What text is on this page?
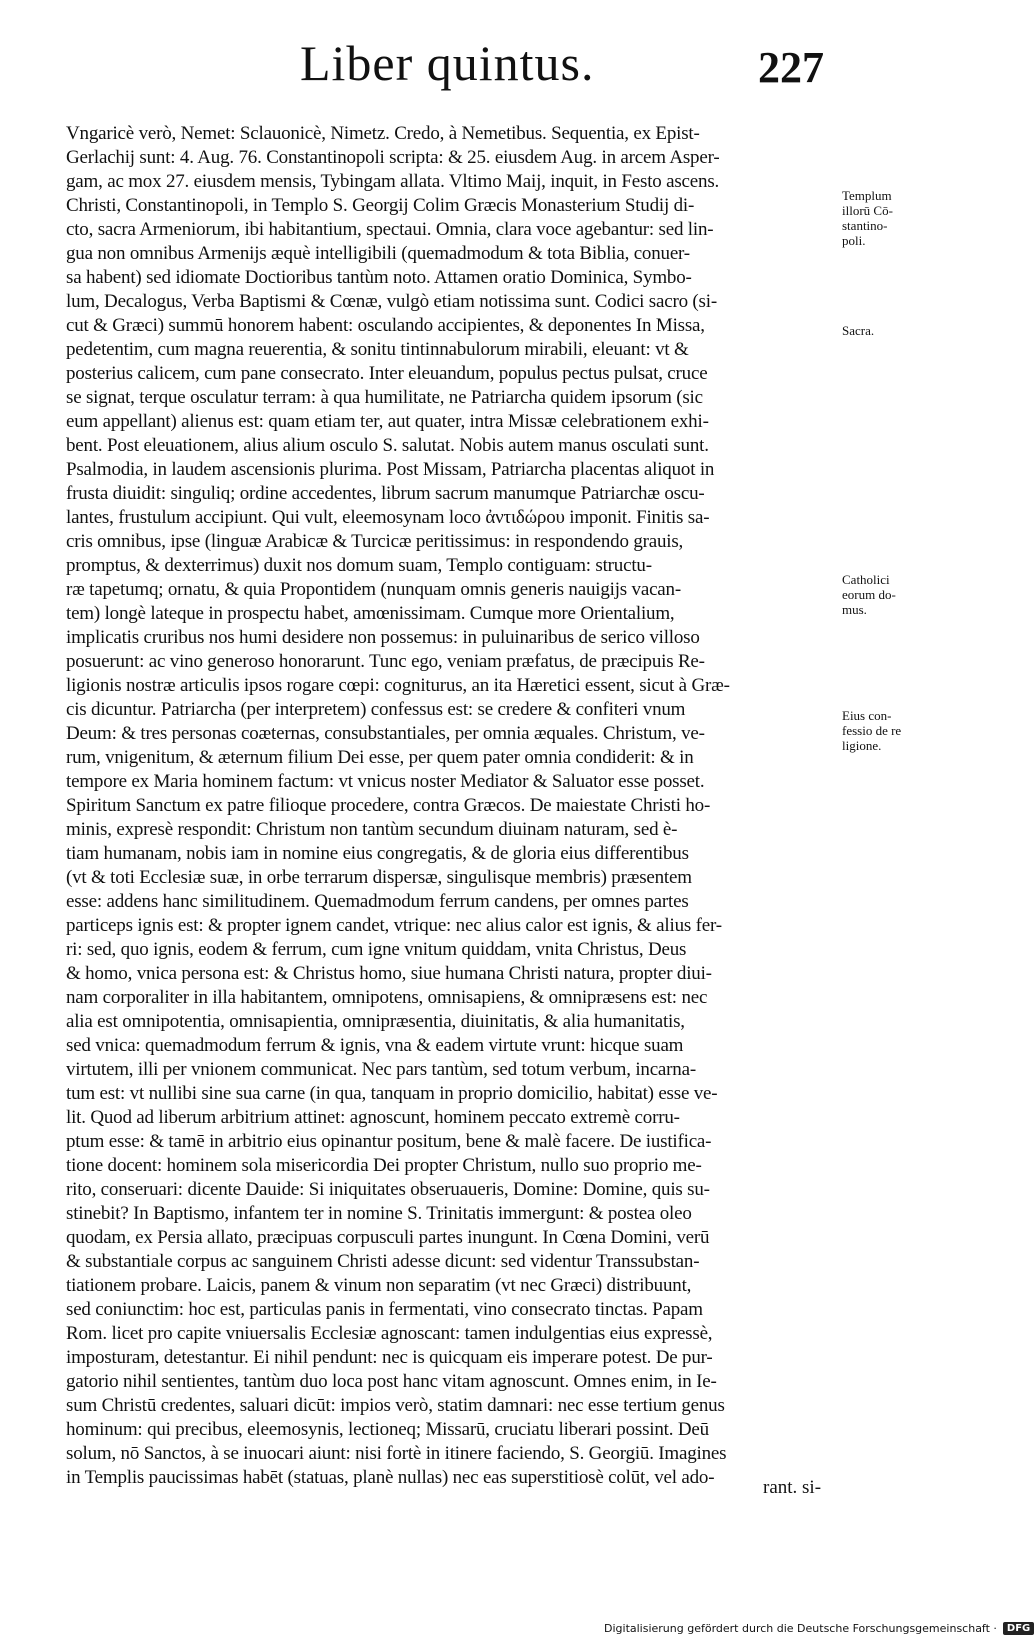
Liber quintus.	227
Vngaricè verò, Nemet: Sclauonicè, Nimetz. Credo, à Nemetibus. Sequentia, ex Epist-
Gerlachij sunt: 4. Aug. 76. Constantinopoli scripta: & 25. eiusdem Aug. in arcem Asper-
gam, ac mox 27. eiusdem mensis, Tybingam allata. Vltimo Maij, inquit, in Festo ascens.
Christi, Constantinopoli, in Templo S. Georgij Colim Græcis Monasterium Studij di-
cto, sacra Armeniorum, ibi habitantium, spectaui. Omnia, clara voce agebantur: sed lin-
gua non omnibus Armenijs æquè intelligibili (quemadmodum & tota Biblia, conuer-
sa habent) sed idiomate Doctioribus tantùm noto. Attamen oratio Dominica, Symbo-
lum, Decalogus, Verba Baptismi & Cœnæ, vulgò etiam notissima sunt. Codici sacro (si-
cut & Græci) summū honorem habent: osculando accipientes, & deponentes In Missa,
pedetentim, cum magna reuerentia, & sonitu tintinnabulorum mirabili, eleuant: vt &
posterius calicem, cum pane consecrato. Inter eleuandum, populus pectus pulsat, cruce
se signat, terque osculatur terram: à qua humilitate, ne Patriarcha quidem ipsorum (sic
eum appellant) alienus est: quam etiam ter, aut quater, intra Missæ celebrationem exhi-
bent. Post eleuationem, alius alium osculo S. salutat. Nobis autem manus osculati sunt.
Psalmodia, in laudem ascensionis plurima. Post Missam, Patriarcha placentas aliquot in
frusta diuidit: singuliq; ordine accedentes, librum sacrum manumque Patriarchæ oscu-
lantes, frustulum accipiunt. Qui vult, eleemosynam loco ἀντιδώρου imponit. Finitis sa-
cris omnibus, ipse (linguæ Arabicæ & Turcicæ peritissimus: in respondendo grauis,
promptus, & dexterrimus) duxit nos domum suam, Templo contiguam: structu-
ræ tapetumq; ornatu, & quia Propontidem (nunquam omnis generis nauigijs vacan-
tem) longè lateque in prospectu habet, amœnissimam. Cumque more Orientalium,
implicatis cruribus nos humi desidere non possemus: in puluinaribus de serico villoso
posuerunt: ac vino generoso honorarunt. Tunc ego, veniam præfatus, de præcipuis Re-
ligionis nostræ articulis ipsos rogare cœpi: cogniturus, an ita Hæretici essent, sicut à Græ-
cis dicuntur. Patriarcha (per interpretem) confessus est: se credere & confiteri vnum
Deum: & tres personas coæternas, consubstantiales, per omnia æquales. Christum, ve-
rum, vnigenitum, & æternum filium Dei esse, per quem pater omnia condiderit: & in
tempore ex Maria hominem factum: vt vnicus noster Mediator & Saluator esse posset.
Spiritum Sanctum ex patre filioque procedere, contra Græcos. De maiestate Christi ho-
minis, expresè respondit: Christum non tantùm secundum diuinam naturam, sed è-
tiam humanam, nobis iam in nomine eius congregatis, & de gloria eius differentibus
(vt & toti Ecclesiæ suæ, in orbe terrarum dispersæ, singulisque membris) præsentem
esse: addens hanc similitudinem. Quemadmodum ferrum candens, per omnes partes
particeps ignis est: & propter ignem candet, vtrique: nec alius calor est ignis, & alius fer-
ri: sed, quo ignis, eodem & ferrum, cum igne vnitum quiddam, vnita Christus, Deus
& homo, vnica persona est: & Christus homo, siue humana Christi natura, propter diui-
nam corporaliter in illa habitantem, omnipotens, omnisapiens, & omnipræsens est: nec
alia est omnipotentia, omnisapientia, omnipræsentia, diuinitatis, & alia humanitatis,
sed vnica: quemadmodum ferrum & ignis, vna & eadem virtute vrunt: hicque suam
virtutem, illi per vnionem communicat. Nec pars tantùm, sed totum verbum, incarna-
tum est: vt nullibi sine sua carne (in qua, tanquam in proprio domicilio, habitat) esse ve-
lit. Quod ad liberum arbitrium attinet: agnoscunt, hominem peccato extremè corru-
ptum esse: & tamē in arbitrio eius opinantur positum, bene & malè facere. De iustifica-
tione docent: hominem sola misericordia Dei propter Christum, nullo suo proprio me-
rito, conseruari: dicente Dauide: Si iniquitates obseruaueris, Domine: Domine, quis su-
stinebit? In Baptismo, infantem ter in nomine S. Trinitatis immergunt: & postea oleo
quodam, ex Persia allato, præcipuas corpusculi partes inungunt. In Cœna Domini, verū
& substantiale corpus ac sanguinem Christi adesse dicunt: sed videntur Transsubstan-
tiationem probare. Laicis, panem & vinum non separatim (vt nec Græci) distribuunt,
sed coniunctim: hoc est, particulas panis in fermentati, vino consecrato tinctas. Papam
Rom. licet pro capite vniuersalis Ecclesiæ agnoscant: tamen indulgentias eius expressè,
imposturam, detestantur. Ei nihil pendunt: nec is quicquam eis imperare potest. De pur-
gatorio nihil sentientes, tantùm duo loca post hanc vitam agnoscunt. Omnes enim, in Ie-
sum Christū credentes, saluari dicūt: impios verò, statim damnari: nec esse tertium genus
hominum: qui precibus, eleemosynis, lectioneq; Missarū, cruciatu liberari possint. Deū
solum, nō Sanctos, à se inuocari aiunt: nisi fortè in itinere faciendo, S. Georgiū. Imagines
in Templis paucissimas habēt (statuas, planè nullas) nec eas superstitiosè colūt, vel ado-	rant. si-
Templum
illorū Cō-
stantino-
poli.
Sacra.
Catholici
eorum do-
mus.
Eius con-
fessio de re
ligione.
Digitalisierung gefördert durch die Deutsche Forschungsgemeinschaft ·	DFG
